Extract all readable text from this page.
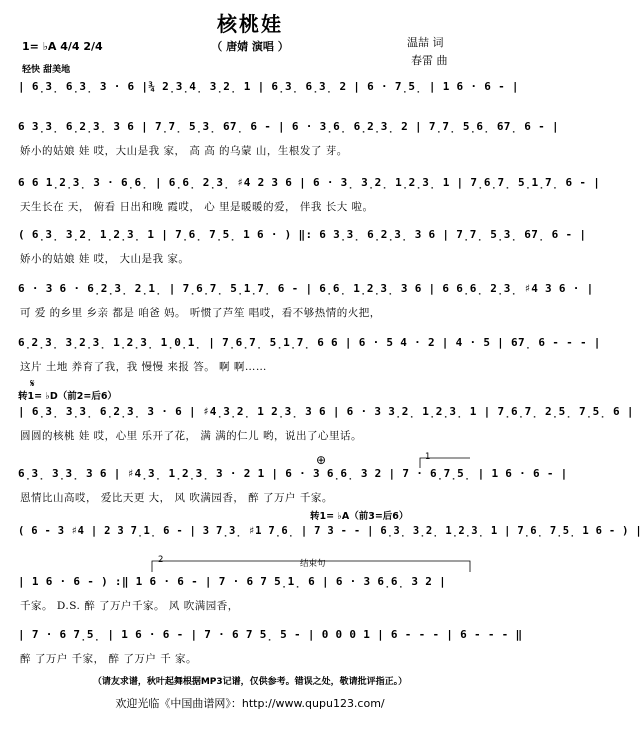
核桃娃
（ 唐婧 演唱 ）	温喆 词
春雷 曲
1= ♭A 4/4 2/4
轻快 甜美地
| 6̣3̣ 6̣3̣ 3 · 6 |¾ 2̣3̣4̣ 3̣2̣ 1 | 6̣3̣ 6̣3̣ 2 | 6 · 7̣5̣ | 1 6 · 6 - |
6 3̣3̣ 6̣2̣3̣ 3 6 | 7̣7̣ 5̣3̣ 67̣ 6 - | 6 · 3̣6̣ 6̣2̣3̣ 2 | 7̣7̣ 5̣6̣ 67̣ 6 - |
娇小的姑娘 娃 哎，大山是我 家， 高 高 的乌蒙 山，生根发了 芽。
6 6 1̣2̣3̣ 3 · 6̣6̣ | 6̣6̣ 2̣3̣ ♯4 2 3 6 | 6 · 3̣ 3̣2̣ 1̣2̣3̣ 1 | 7̣6̣7̣ 5̣1̣7̣ 6 - |
天生长在 天， 俯看 日出和晚 霞哎， 心 里是暖暖的爱， 伴我 长大 啦。
( 6̣3̣ 3̣2̣ 1̣2̣3̣ 1 | 7̣6̣ 7̣5̣ 1 6 · ) ‖: 6 3̣3̣ 6̣2̣3̣ 3 6 | 7̣7̣ 5̣3̣ 67̣ 6 - |
娇小的姑娘 娃 哎， 大山是我 家。
6 · 3 6 · 6̣2̣3̣ 2̣1̣ | 7̣6̣7̣ 5̣1̣7̣ 6 - | 6̣6̣ 1̣2̣3̣ 3 6 | 6 6̣6̣ 2̣3̣ ♯4 3 6 · |
可 爱 的乡里 乡亲 都是 咱爸 妈。 听惯了芦笙 唱哎，看不够热情的火把，
6̣2̣3̣ 3̣2̣3̣ 1̣2̣3̣ 1̣0̣1̣ | 7̣6̣7̣ 5̣1̣7̣ 6 6 | 6 · 5 4 · 2 | 4 · 5 | 67̣ 6 - - - |
这片 土地 养育了我，我 慢慢 来报 答。 啊 啊……
𝄋
转1= ♭D（前2=后6）
| 6̣3̣ 3̣3̣ 6̣2̣3̣ 3 · 6 | ♯4̣3̣2̣ 1 2̣3̣ 3 6 | 6 · 3 3̣2̣ 1̣2̣3̣ 1 | 7̣6̣7̣ 2̣5̣ 7̣5̣ 6 |
圆圆的核桃 娃 哎，心里 乐开了花， 满 满的仁儿 哟，说出了心里话。
⊕	1
6̣3̣ 3̣3̣ 3 6 | ♯4̣3̣ 1̣2̣3̣ 3 · 2 1 | 6 · 3 6̣6̣ 3 2 | 7 · 6̣7̣5̣ | 1 6 · 6 - |
恩情比山高哎， 爱比天更 大， 风 吹满园香， 醉 了万户 千家。
转1= ♭A（前3=后6）
( 6 - 3 ♯4 | 2 3 7̣1̣ 6 - | 3 7̣3̣ ♯1 7̣6̣ | 7 3 - - | 6̣3̣ 3̣2̣ 1̣2̣3̣ 1 | 7̣6̣ 7̣5̣ 1 6 - ) |
2	结束句
| 1 6 · 6 - ) :‖ 1 6 · 6 - | 7 · 6 7 5̣1̣ 6 | 6 · 3 6̣6̣ 3 2 |
千家。 D.S. 醉 了万户千家。 风 吹满园香，
| 7 · 6 7̣5̣ | 1 6 · 6 - | 7 · 6 7 5̣ 5 - | 0 0 0 1 | 6 - - - | 6 - - - ‖
醉 了万户 千家， 醉 了万户 千 家。
（请友求谱，秋叶起舞根据MP3记谱，仅供参考。错误之处，敬请批评指正。）
欢迎光临《中国曲谱网》：http://www.qupu123.com/
